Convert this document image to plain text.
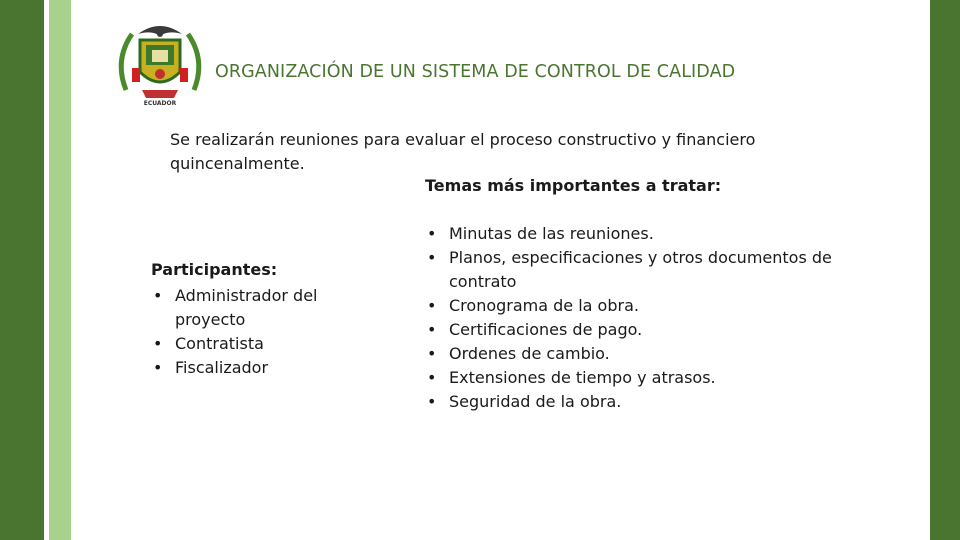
ECUADOR
ORGANIZACIÓN DE UN SISTEMA DE CONTROL DE CALIDAD
Se realizarán reuniones para evaluar el proceso constructivo y financiero quincenalmente.
Temas más importantes a tratar:
• Minutas de las reuniones.
• Planos, especificaciones y otros documentos de contrato
• Cronograma de la obra.
• Certificaciones de pago.
• Ordenes de cambio.
• Extensiones de tiempo y atrasos.
• Seguridad de la obra.
Participantes:
• Administrador del proyecto
• Contratista
• Fiscalizador
